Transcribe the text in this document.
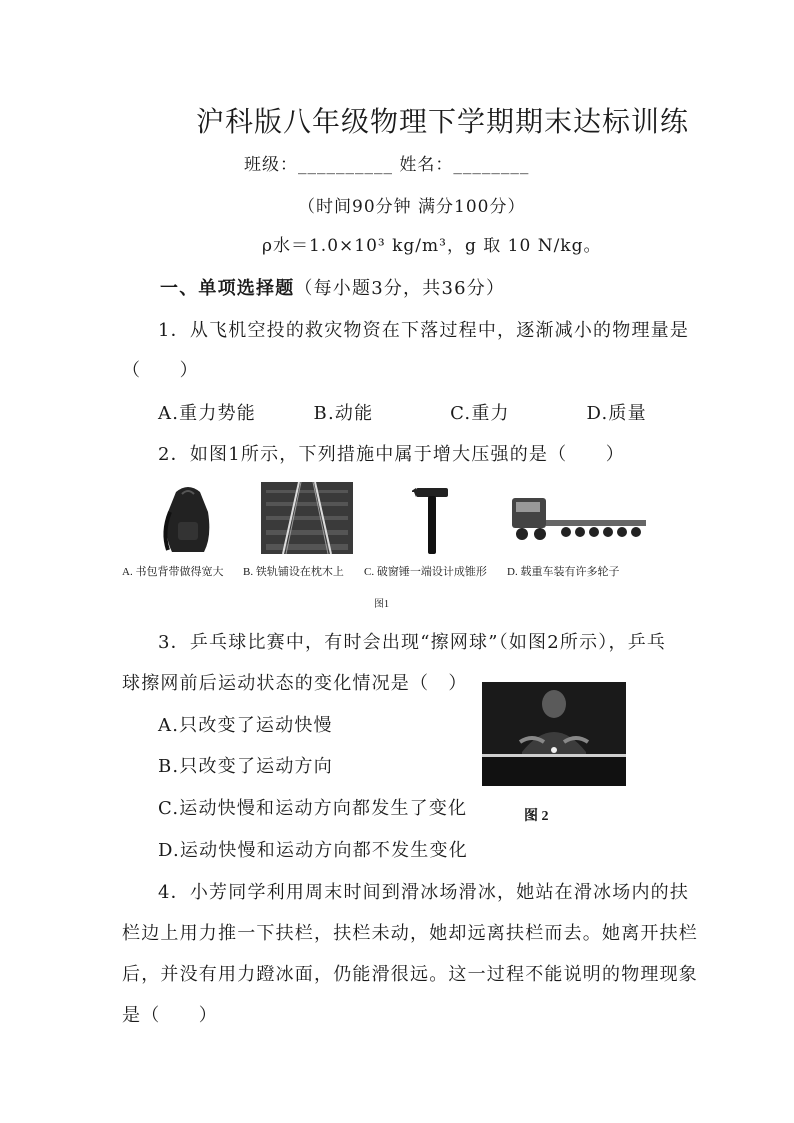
沪科版八年级物理下学期期末达标训练
班级：__________ 姓名：________
（时间90分钟 满分100分）
ρ水＝1.0×10³ kg/m³，g 取 10 N/kg。
一、单项选择题（每小题3分，共36分）
1．从飞机空投的救灾物资在下落过程中，逐渐减小的物理量是
（　　）
A.重力势能　　　B.动能　　　　C.重力　　　　D.质量
2．如图1所示，下列措施中属于增大压强的是（　　）
A. 书包背带做得宽大 B. 铁轨铺设在枕木上 C. 破窗锤一端设计成锥形 D. 载重车装有许多轮子
图1
3．乒乓球比赛中，有时会出现“擦网球”（如图2所示），乒乓
球擦网前后运动状态的变化情况是（　）
A.只改变了运动快慢
B.只改变了运动方向
C.运动快慢和运动方向都发生了变化
D.运动快慢和运动方向都不发生变化
图 2
4．小芳同学利用周末时间到滑冰场滑冰，她站在滑冰场内的扶
栏边上用力推一下扶栏，扶栏未动，她却远离扶栏而去。她离开扶栏
后，并没有用力蹬冰面，仍能滑很远。这一过程不能说明的物理现象
是（　　）
